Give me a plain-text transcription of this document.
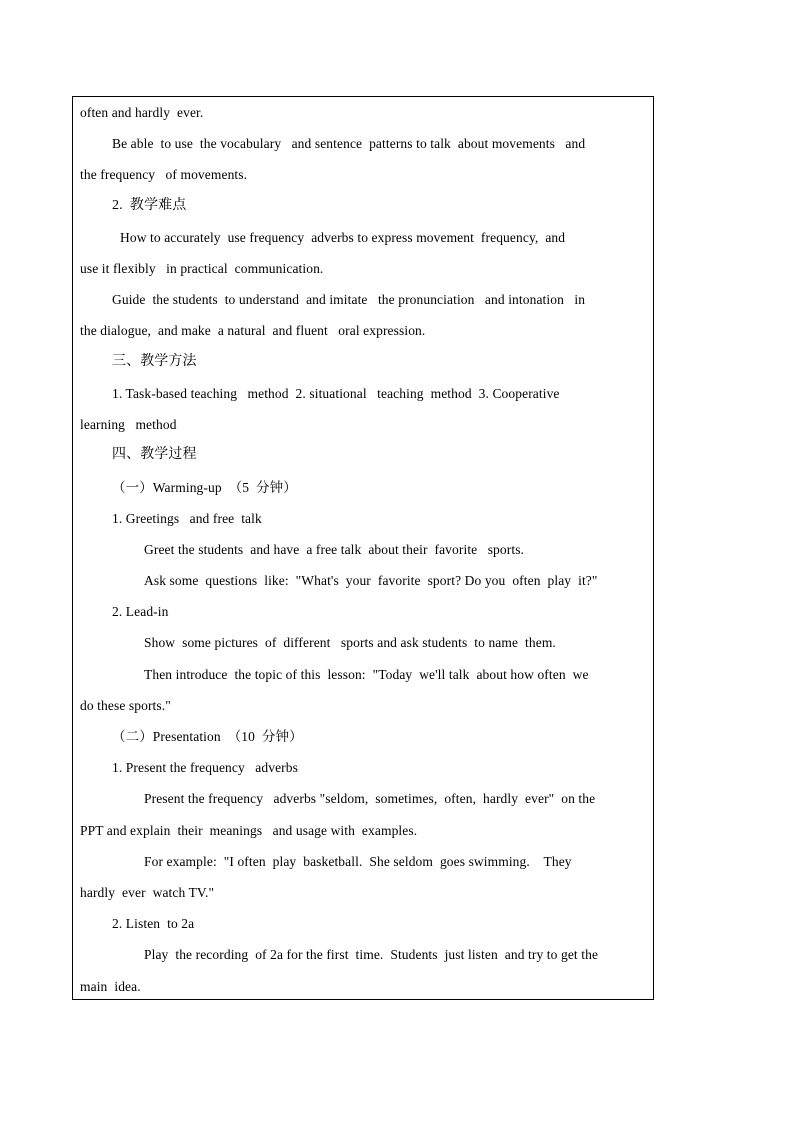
often and hardly  ever.
Be able  to use  the vocabulary   and sentence  patterns to talk  about movements   and
the frequency   of movements.
2.  教学难点
How to accurately  use frequency  adverbs to express movement  frequency,  and
use it flexibly   in practical  communication.
Guide  the students  to understand  and imitate   the pronunciation   and intonation   in
the dialogue,  and make  a natural  and fluent   oral expression.
三、教学方法
1. Task-based teaching   method  2. situational   teaching  method  3. Cooperative
learning   method
四、教学过程
（一）Warming-up  （5  分钟）
1. Greetings   and free  talk
Greet the students  and have  a free talk  about their  favorite   sports.
Ask some  questions  like:  "What's  your  favorite  sport? Do you  often  play  it?"
2. Lead-in
Show  some pictures  of  different   sports and ask students  to name  them.
Then introduce  the topic of this  lesson:  "Today  we'll talk  about how often  we
do these sports."
（二）Presentation  （10  分钟）
1. Present the frequency   adverbs
Present the frequency   adverbs "seldom,  sometimes,  often,  hardly  ever"  on the
PPT and explain  their  meanings   and usage with  examples.
For example:  "I often  play  basketball.  She seldom  goes swimming.    They
hardly  ever  watch TV."
2. Listen  to 2a
Play  the recording  of 2a for the first  time.  Students  just listen  and try to get the
main  idea.
